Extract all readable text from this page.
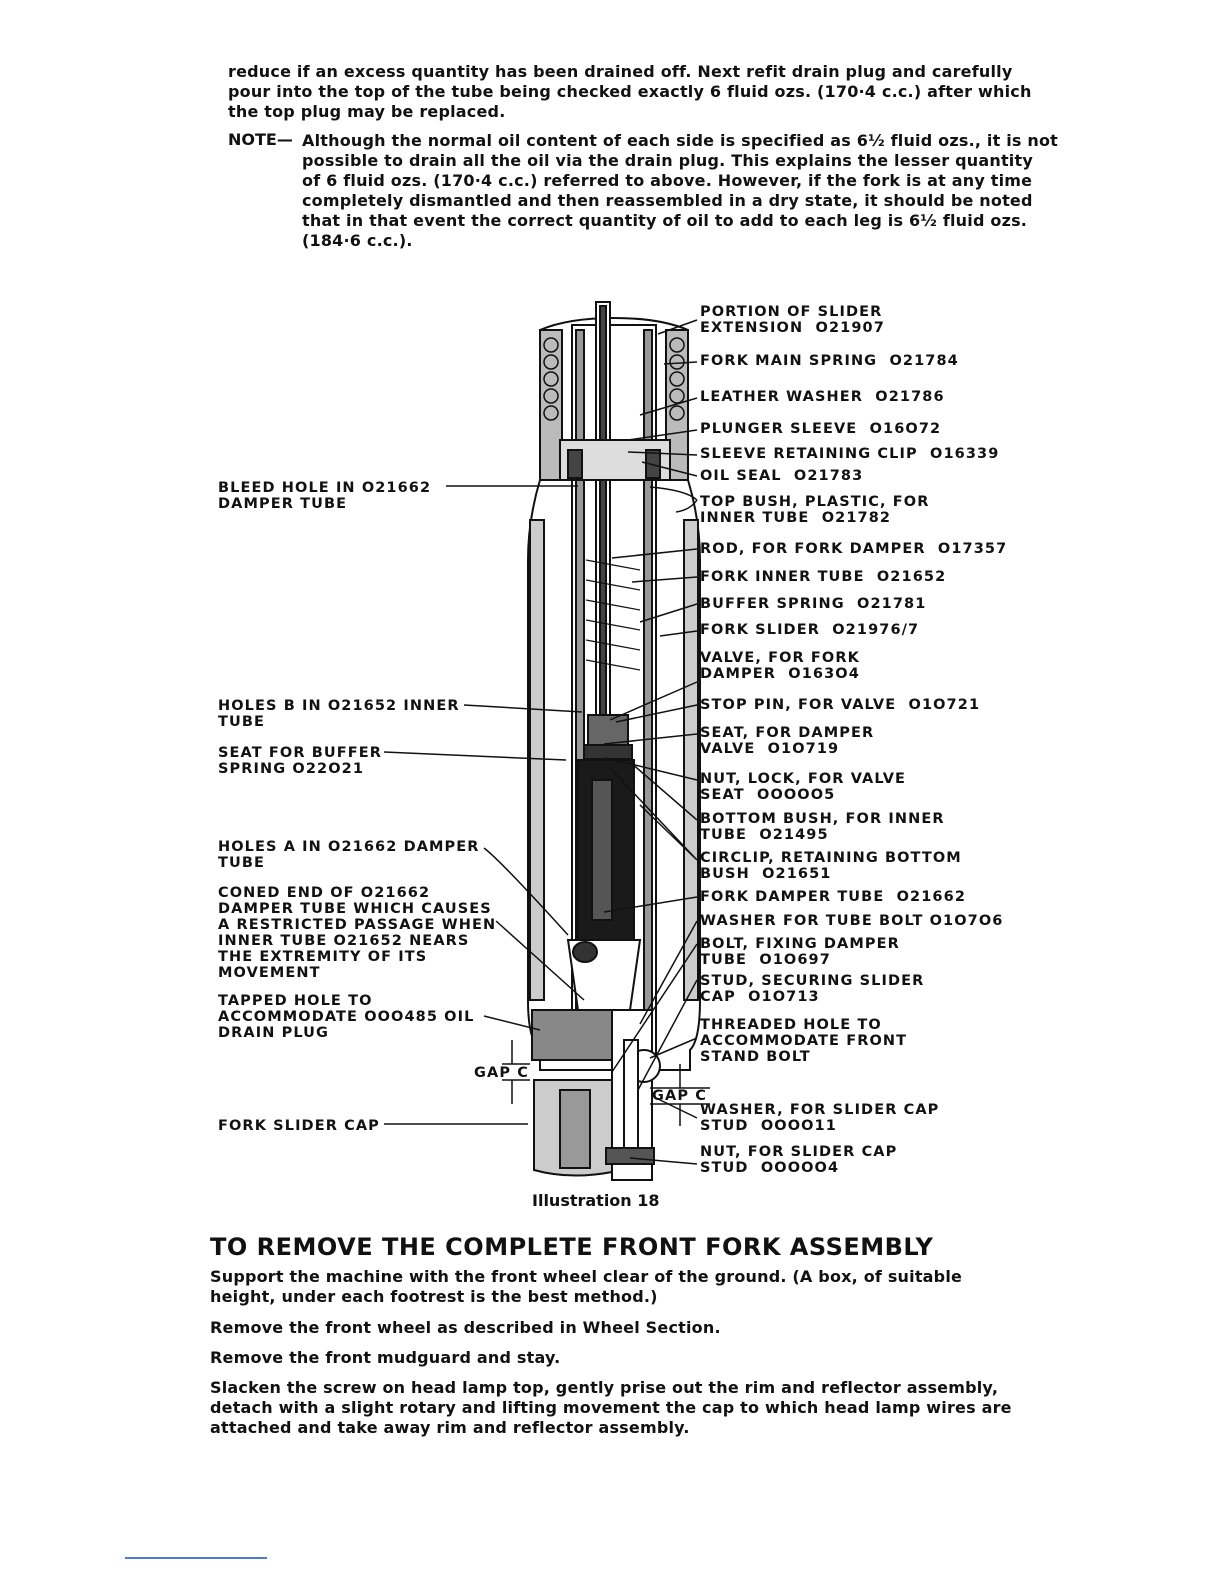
reduce if an excess quantity has been drained off. Next refit drain plug and carefully
pour into the top of the tube being checked exactly 6 fluid ozs. (170·4 c.c.) after which
the top plug may be replaced.
NOTE— Although the normal oil content of each side is specified as 6½ fluid ozs., it is not
possible to drain all the oil via the drain plug. This explains the lesser quantity
of 6 fluid ozs. (170·4 c.c.) referred to above. However, if the fork is at any time
completely dismantled and then reassembled in a dry state, it should be noted
that in that event the correct quantity of oil to add to each leg is 6½ fluid ozs.
(184·6 c.c.).
PORTION OF SLIDER
EXTENSION  O21907
FORK MAIN SPRING  O21784
LEATHER WASHER  O21786
PLUNGER SLEEVE  O16O72
SLEEVE RETAINING CLIP  O16339
OIL SEAL  O21783
TOP BUSH, PLASTIC, FOR
INNER TUBE  O21782
ROD, FOR FORK DAMPER  O17357
FORK INNER TUBE  O21652
BUFFER SPRING  O21781
FORK SLIDER  O21976/7
VALVE, FOR FORK
DAMPER  O163O4
STOP PIN, FOR VALVE  O1O721
SEAT, FOR DAMPER
VALVE  O1O719
NUT, LOCK, FOR VALVE
SEAT  OOOOO5
BOTTOM BUSH, FOR INNER
TUBE  O21495
CIRCLIP, RETAINING BOTTOM
BUSH  O21651
FORK DAMPER TUBE  O21662
WASHER FOR TUBE BOLT O1O7O6
BOLT, FIXING DAMPER
TUBE  O1O697
STUD, SECURING SLIDER
CAP  O1O713
THREADED HOLE TO
ACCOMMODATE FRONT
STAND BOLT
WASHER, FOR SLIDER CAP
STUD  OOOO11
NUT, FOR SLIDER CAP
STUD  OOOOO4
BLEED HOLE IN O21662
DAMPER TUBE
HOLES B IN O21652 INNER
TUBE
SEAT FOR BUFFER
SPRING O22O21
HOLES A IN O21662 DAMPER
TUBE
CONED END OF O21662
DAMPER TUBE WHICH CAUSES
A RESTRICTED PASSAGE WHEN
INNER TUBE O21652 NEARS
THE EXTREMITY OF ITS
MOVEMENT
TAPPED HOLE TO
ACCOMMODATE OOO485 OIL
DRAIN PLUG
FORK SLIDER CAP
GAP C
GAP C
Illustration 18
TO REMOVE THE COMPLETE FRONT FORK ASSEMBLY
Support the machine with the front wheel clear of the ground. (A box, of suitable
height, under each footrest is the best method.)
Remove the front wheel as described in Wheel Section.
Remove the front mudguard and stay.
Slacken the screw on head lamp top, gently prise out the rim and reflector assembly,
detach with a slight rotary and lifting movement the cap to which head lamp wires are
attached and take away rim and reflector assembly.
